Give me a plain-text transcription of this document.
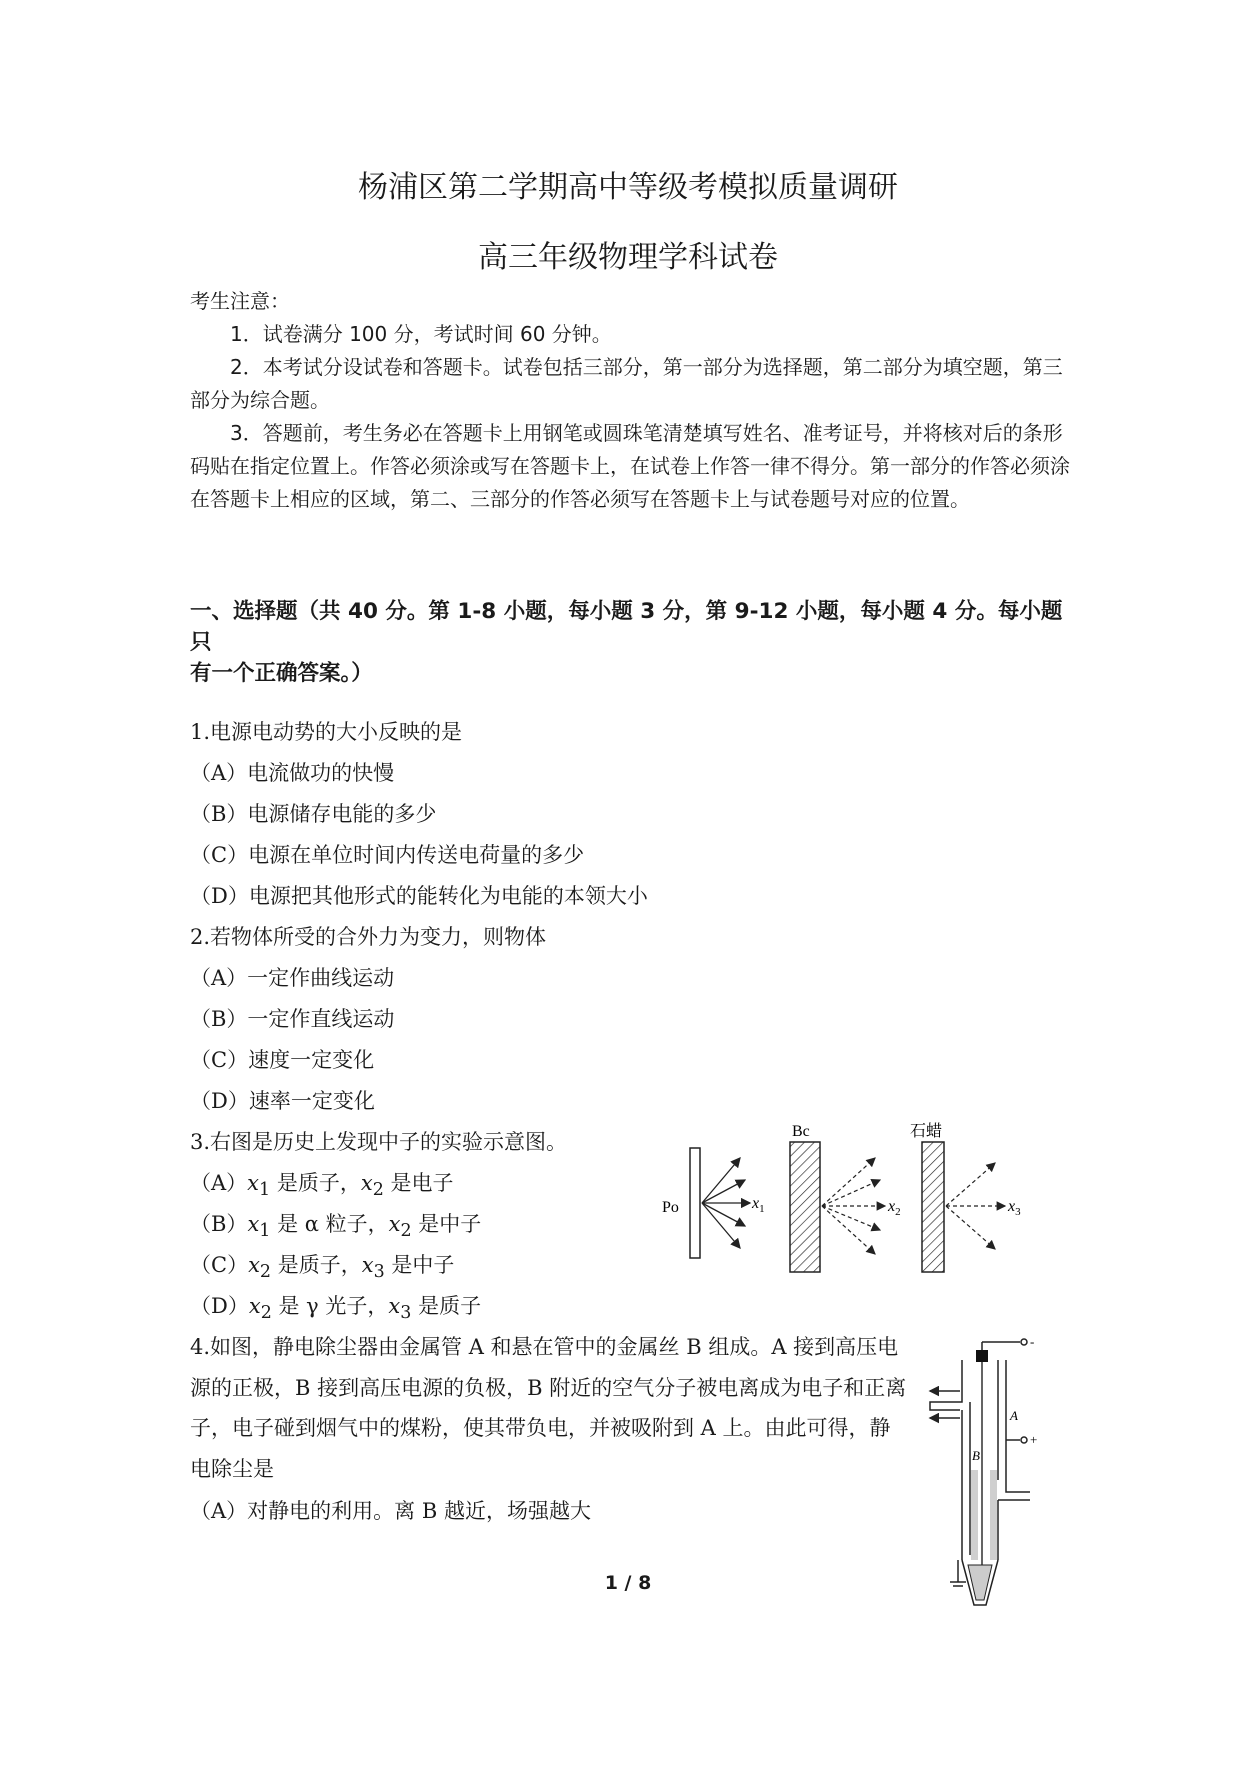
杨浦区第二学期高中等级考模拟质量调研
高三年级物理学科试卷
考生注意：
1．试卷满分 100 分，考试时间 60 分钟。
2．本考试分设试卷和答题卡。试卷包括三部分，第一部分为选择题，第二部分为填空题，第三部分为综合题。
3．答题前，考生务必在答题卡上用钢笔或圆珠笔清楚填写姓名、准考证号，并将核对后的条形码贴在指定位置上。作答必须涂或写在答题卡上，在试卷上作答一律不得分。第一部分的作答必须涂在答题卡上相应的区域，第二、三部分的作答必须写在答题卡上与试卷题号对应的位置。
一、选择题（共 40 分。第 1-8 小题，每小题 3 分，第 9-12 小题，每小题 4 分。每小题只
有一个正确答案。）
1.电源电动势的大小反映的是
（A）电流做功的快慢
（B）电源储存电能的多少
（C）电源在单位时间内传送电荷量的多少
（D）电源把其他形式的能转化为电能的本领大小
2.若物体所受的合外力为变力，则物体
（A）一定作曲线运动
（B）一定作直线运动
（C）速度一定变化
（D）速率一定变化
3.右图是历史上发现中子的实验示意图。
$(A)x_1$ 是质子，$x_2$ 是电子
$(B)x_1$ 是 α 粒子，$x_2$ 是中子
$(C)x_2$ 是质子，$x_3$ 是中子
$(D)x_2$ 是 γ 光子，$x_3$ 是质子
Po	$x_1$
Bc
$x_2$
石蜡
$x_3$
4.如图，静电除尘器由金属管 A 和悬在管中的金属丝 B 组成。A 接到高压电源的正极，B 接到高压电源的负极，B 附近的空气分子被电离成为电子和正离子，电子碰到烟气中的煤粉，使其带负电，并被吸附到 A 上。由此可得，静电除尘是
（A）对静电的利用。离 B 越近，场强越大
A
B
-
+
1 / 8
